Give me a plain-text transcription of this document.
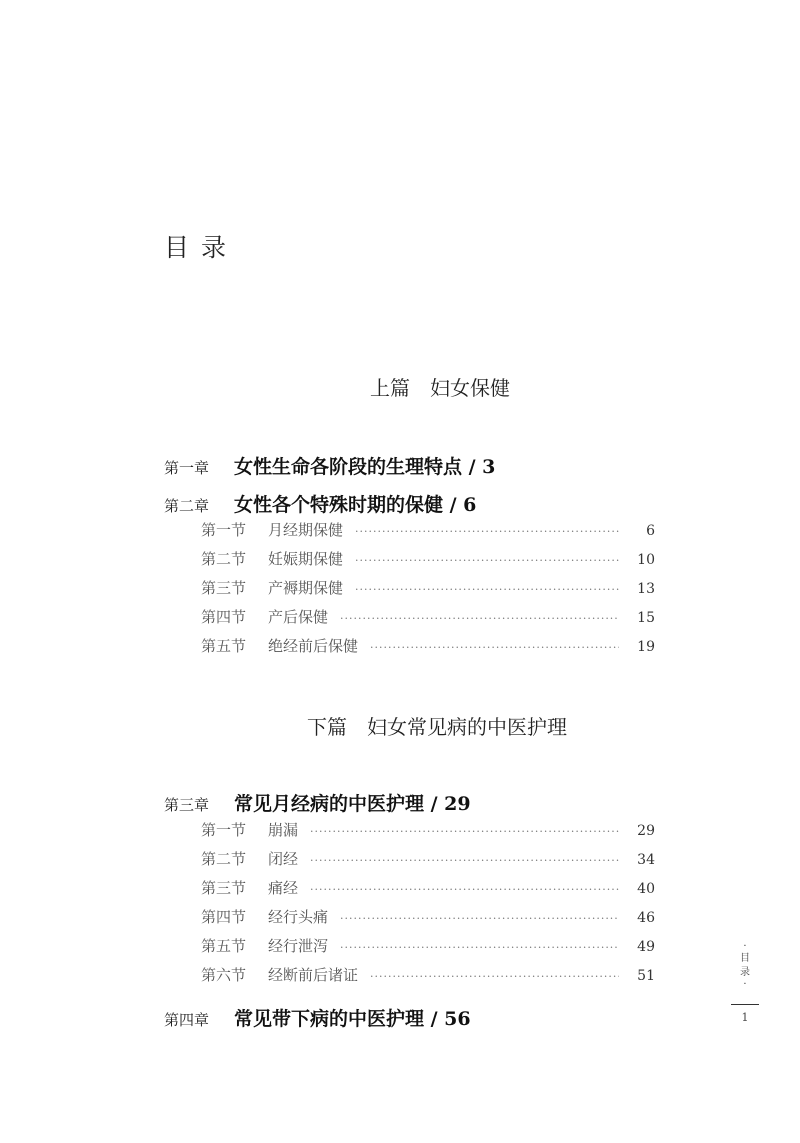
目录
上篇　妇女保健
第一章	女性生命各阶段的生理特点 / 3
第二章	女性各个特殊时期的保健 / 6
第一节	月经期保健 ·····	6
第二节	妊娠期保健 ·····	10
第三节	产褥期保健 ·····	13
第四节	产后保健 ·····	15
第五节	绝经前后保健 ·····	19
下篇　妇女常见病的中医护理
第三章	常见月经病的中医护理 / 29
第一节	崩漏 ·····	29
第二节	闭经 ·····	34
第三节	痛经 ·····	40
第四节	经行头痛 ·····	46
第五节	经行泄泻 ·····	49
第六节	经断前后诸证 ·····	51
第四章	常见带下病的中医护理 / 56
·
目
录
·
1
